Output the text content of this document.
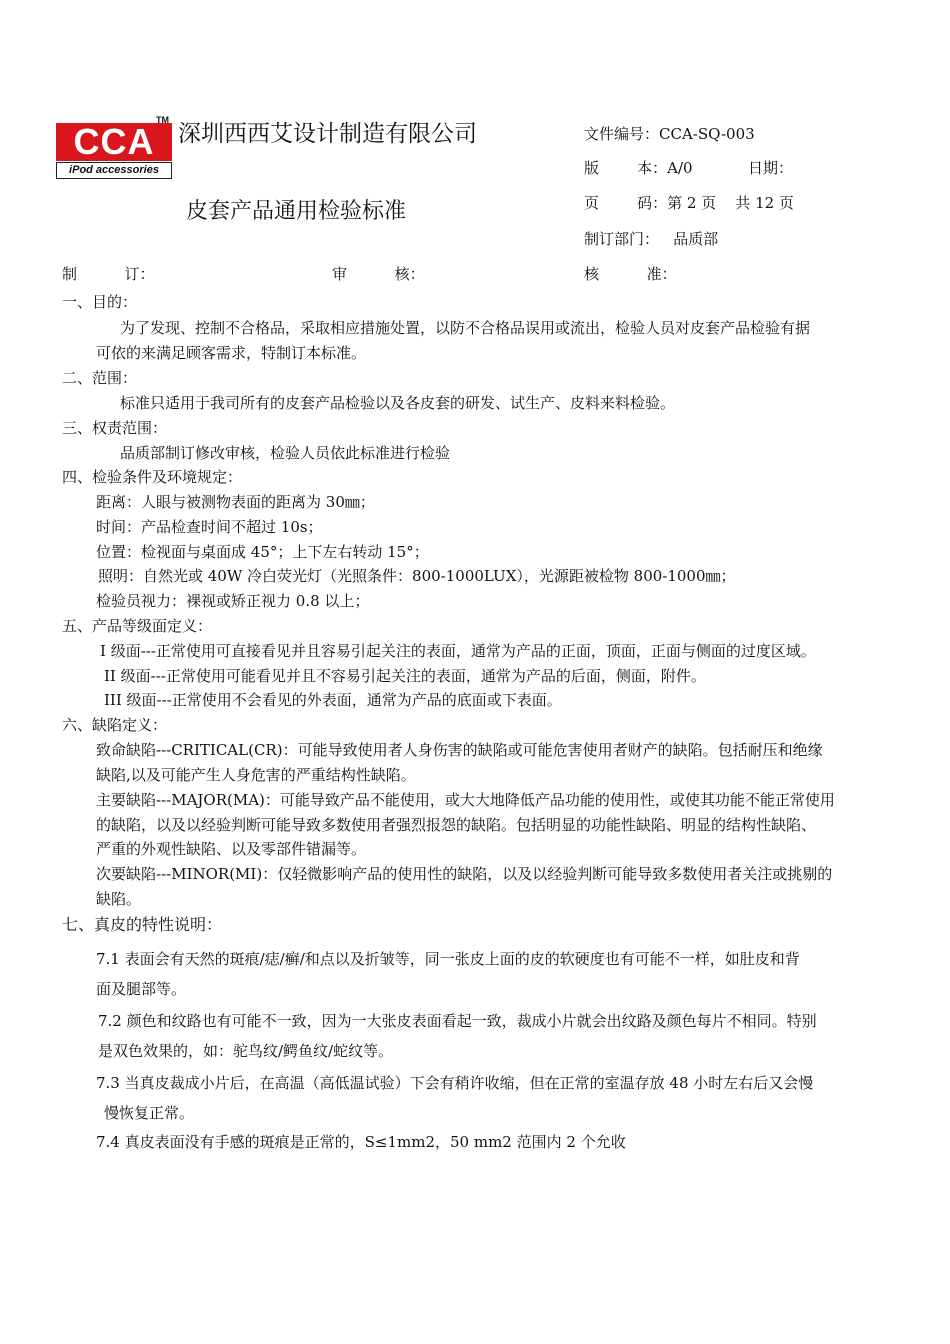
CCA
TM
iPod accessories
深圳西西艾设计制造有限公司
皮套产品通用检验标准
文件编号：CCA-SQ-003
版        本：A/0	日期：
页        码：第 2 页    共 12 页
制订部门：   品质部
制          订：	审          核：	核          准：
一、目的：
为了发现、控制不合格品，采取相应措施处置，以防不合格品误用或流出，检验人员对皮套产品检验有据
可依的来满足顾客需求，特制订本标准。
二、范围：
标准只适用于我司所有的皮套产品检验以及各皮套的研发、试生产、皮料来料检验。
三、权责范围：
品质部制订修改审核，检验人员依此标准进行检验
四、检验条件及环境规定：
距离：人眼与被测物表面的距离为 30㎜；
时间：产品检查时间不超过 10s；
位置：检视面与桌面成 45°；上下左右转动 15°；
照明：自然光或 40W 冷白荧光灯（光照条件：800-1000LUX），光源距被检物 800-1000㎜；
检验员视力：裸视或矫正视力 0.8 以上；
五、产品等级面定义：
I 级面---正常使用可直接看见并且容易引起关注的表面，通常为产品的正面，顶面，正面与侧面的过度区域。
II 级面---正常使用可能看见并且不容易引起关注的表面，通常为产品的后面，侧面，附件。
III 级面---正常使用不会看见的外表面，通常为产品的底面或下表面。
六、缺陷定义：
致命缺陷---CRITICAL(CR)：可能导致使用者人身伤害的缺陷或可能危害使用者财产的缺陷。包括耐压和绝缘
缺陷,以及可能产生人身危害的严重结构性缺陷。
主要缺陷---MAJOR(MA)：可能导致产品不能使用，或大大地降低产品功能的使用性，或使其功能不能正常使用
的缺陷，以及以经验判断可能导致多数使用者强烈报怨的缺陷。包括明显的功能性缺陷、明显的结构性缺陷、
严重的外观性缺陷、以及零部件错漏等。
次要缺陷---MINOR(MI)：仅轻微影响产品的使用性的缺陷，以及以经验判断可能导致多数使用者关注或挑剔的
缺陷。
七、真皮的特性说明：
7.1 表面会有天然的斑痕/痣/癣/和点以及折皱等，同一张皮上面的皮的软硬度也有可能不一样，如肚皮和背
面及腿部等。
7.2 颜色和纹路也有可能不一致，因为一大张皮表面看起一致，裁成小片就会出纹路及颜色每片不相同。特别
是双色效果的，如：驼鸟纹/鳄鱼纹/蛇纹等。
7.3 当真皮裁成小片后，在高温（高低温试验）下会有稍许收缩，但在正常的室温存放 48 小时左右后又会慢
慢恢复正常。
7.4 真皮表面没有手感的斑痕是正常的，S≤1mm2，50 mm2 范围内 2 个允收
